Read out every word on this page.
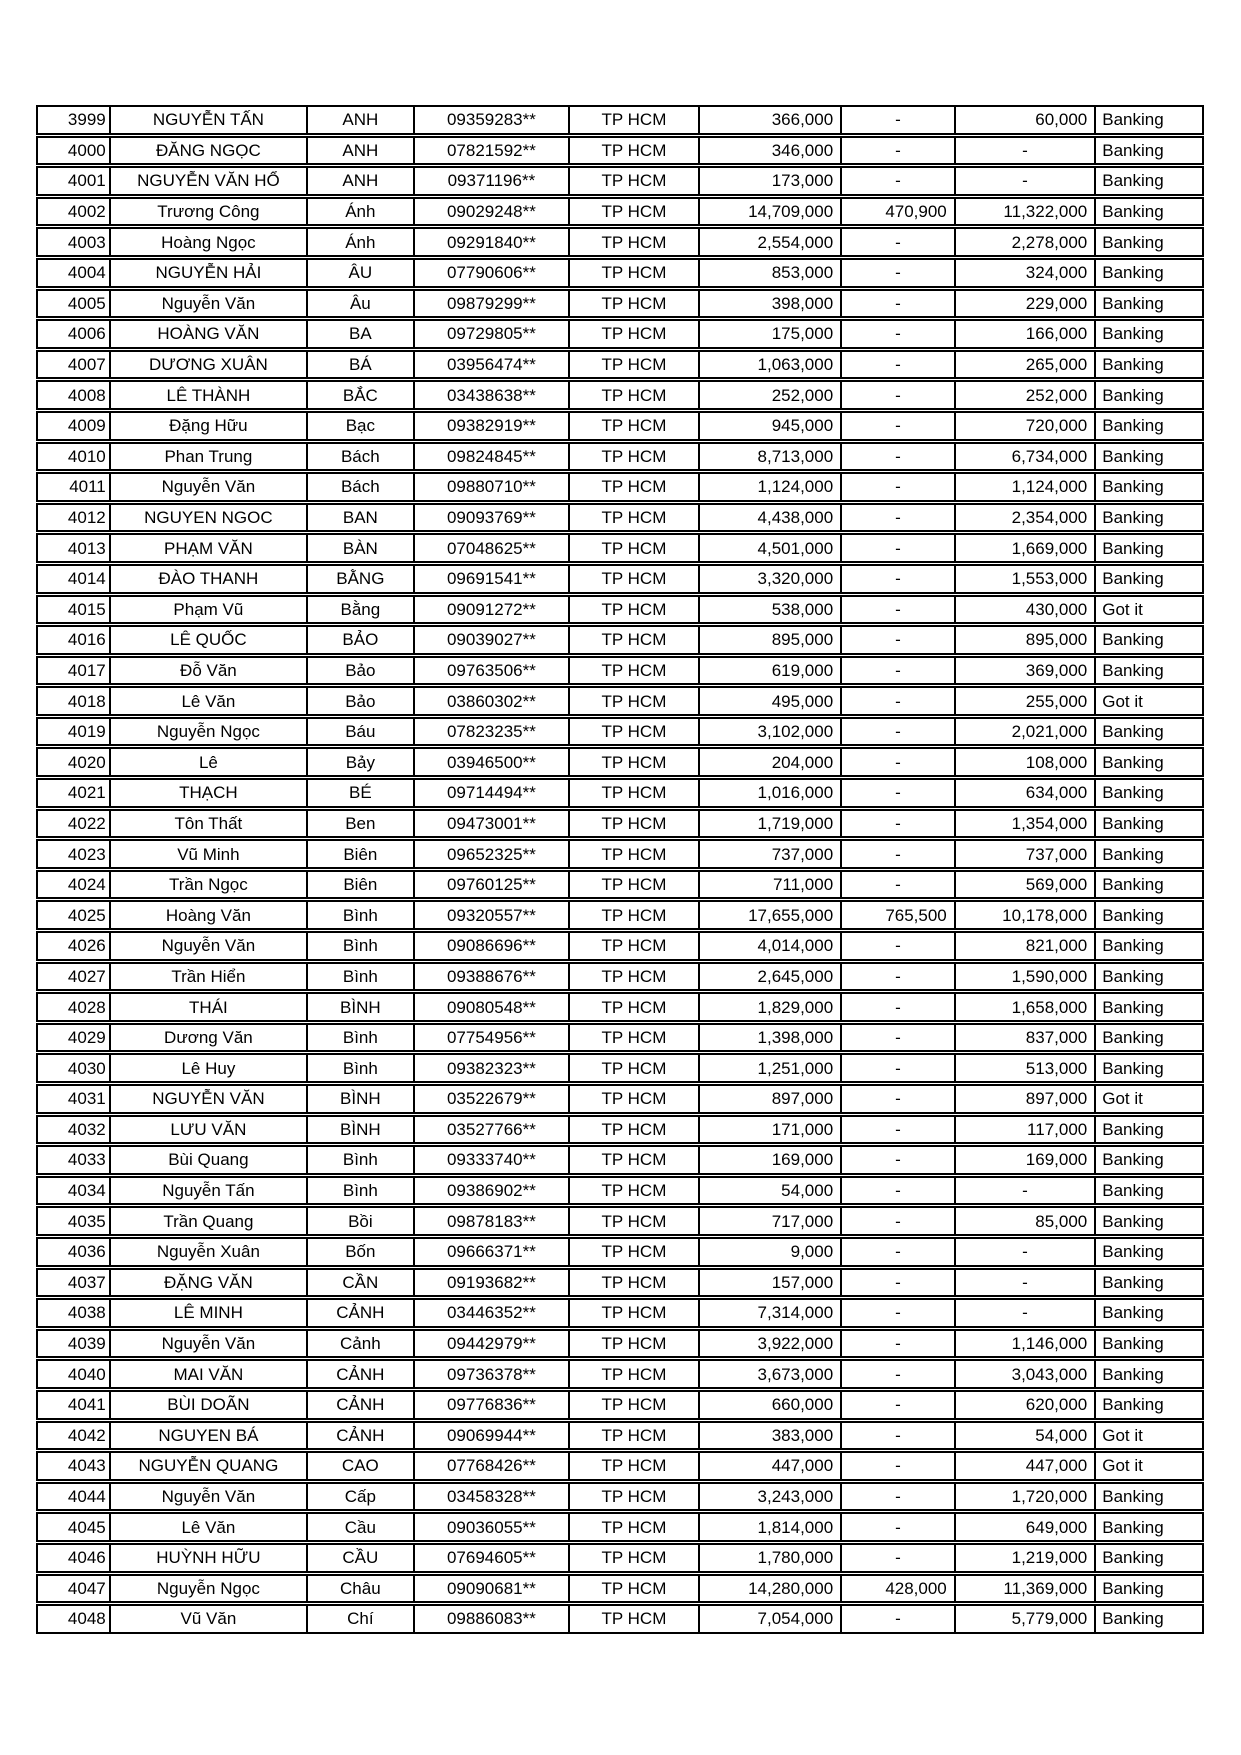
3999	NGUYỄN TẤN	ANH	09359283**	TP HCM	366,000	-	60,000 Banking
4000	ĐĂNG NGỌC	ANH	07821592**	TP HCM	346,000	-	-	Banking
4001	NGUYỄN VĂN HỔ	ANH	09371196**	TP HCM	173,000	-	-	Banking
4002	Trương Công	Ánh	09029248**	TP HCM	14,709,000	470,900	11,322,000 Banking
4003	Hoàng Ngọc	Ánh	09291840**	TP HCM	2,554,000	-	2,278,000 Banking
4004	NGUYỄN HẢI	ÂU	07790606**	TP HCM	853,000	-	324,000 Banking
4005	Nguyễn Văn	Âu	09879299**	TP HCM	398,000	-	229,000 Banking
4006	HOÀNG VĂN	BA	09729805**	TP HCM	175,000	-	166,000 Banking
4007	DƯƠNG XUÂN	BÁ	03956474**	TP HCM	1,063,000	-	265,000 Banking
4008	LÊ THÀNH	BẮC	03438638**	TP HCM	252,000	-	252,000 Banking
4009	Đặng Hữu	Bạc	09382919**	TP HCM	945,000	-	720,000 Banking
4010	Phan Trung	Bách	09824845**	TP HCM	8,713,000	-	6,734,000 Banking
4011	Nguyễn Văn	Bách	09880710**	TP HCM	1,124,000	-	1,124,000 Banking
4012	NGUYEN NGOC	BAN	09093769**	TP HCM	4,438,000	-	2,354,000 Banking
4013	PHẠM VĂN	BÀN	07048625**	TP HCM	4,501,000	-	1,669,000 Banking
4014	ĐÀO THANH	BẰNG	09691541**	TP HCM	3,320,000	-	1,553,000 Banking
4015	Phạm Vũ	Bằng	09091272**	TP HCM	538,000	-	430,000 Got it
4016	LÊ QUỐC	BẢO	09039027**	TP HCM	895,000	-	895,000 Banking
4017	Đỗ Văn	Bảo	09763506**	TP HCM	619,000	-	369,000 Banking
4018	Lê Văn	Bảo	03860302**	TP HCM	495,000	-	255,000 Got it
4019	Nguyễn Ngọc	Báu	07823235**	TP HCM	3,102,000	-	2,021,000 Banking
4020	Lê	Bảy	03946500**	TP HCM	204,000	-	108,000 Banking
4021	THẠCH	BÉ	09714494**	TP HCM	1,016,000	-	634,000 Banking
4022	Tôn Thất	Ben	09473001**	TP HCM	1,719,000	-	1,354,000 Banking
4023	Vũ Minh	Biên	09652325**	TP HCM	737,000	-	737,000 Banking
4024	Trần Ngọc	Biên	09760125**	TP HCM	711,000	-	569,000 Banking
4025	Hoàng Văn	Bình	09320557**	TP HCM	17,655,000	765,500	10,178,000 Banking
4026	Nguyễn Văn	Bình	09086696**	TP HCM	4,014,000	-	821,000 Banking
4027	Trần Hiển	Bình	09388676**	TP HCM	2,645,000	-	1,590,000 Banking
4028	THÁI	BÌNH	09080548**	TP HCM	1,829,000	-	1,658,000 Banking
4029	Dương Văn	Bình	07754956**	TP HCM	1,398,000	-	837,000 Banking
4030	Lê Huy	Bình	09382323**	TP HCM	1,251,000	-	513,000 Banking
4031	NGUYỄN VĂN	BÌNH	03522679**	TP HCM	897,000	-	897,000 Got it
4032	LƯU VĂN	BÌNH	03527766**	TP HCM	171,000	-	117,000 Banking
4033	Bùi Quang	Bình	09333740**	TP HCM	169,000	-	169,000 Banking
4034	Nguyễn Tấn	Bình	09386902**	TP HCM	54,000	-	-	Banking
4035	Trần Quang	Bồi	09878183**	TP HCM	717,000	-	85,000 Banking
4036	Nguyễn Xuân	Bốn	09666371**	TP HCM	9,000	-	-	Banking
4037	ĐẶNG VĂN	CẦN	09193682**	TP HCM	157,000	-	-	Banking
4038	LÊ MINH	CẢNH	03446352**	TP HCM	7,314,000	-	-	Banking
4039	Nguyễn Văn	Cảnh	09442979**	TP HCM	3,922,000	-	1,146,000 Banking
4040	MAI VĂN	CẢNH	09736378**	TP HCM	3,673,000	-	3,043,000 Banking
4041	BÙI DOÃN	CẢNH	09776836**	TP HCM	660,000	-	620,000 Banking
4042	NGUYEN BÁ	CẢNH	09069944**	TP HCM	383,000	-	54,000 Got it
4043	NGUYỄN QUANG	CAO	07768426**	TP HCM	447,000	-	447,000 Got it
4044	Nguyễn Văn	Cấp	03458328**	TP HCM	3,243,000	-	1,720,000 Banking
4045	Lê Văn	Cầu	09036055**	TP HCM	1,814,000	-	649,000 Banking
4046	HUỲNH HỮU	CẦU	07694605**	TP HCM	1,780,000	-	1,219,000 Banking
4047	Nguyễn Ngọc	Châu	09090681**	TP HCM	14,280,000	428,000	11,369,000 Banking
4048	Vũ Văn	Chí	09886083**	TP HCM	7,054,000	-	5,779,000 Banking
